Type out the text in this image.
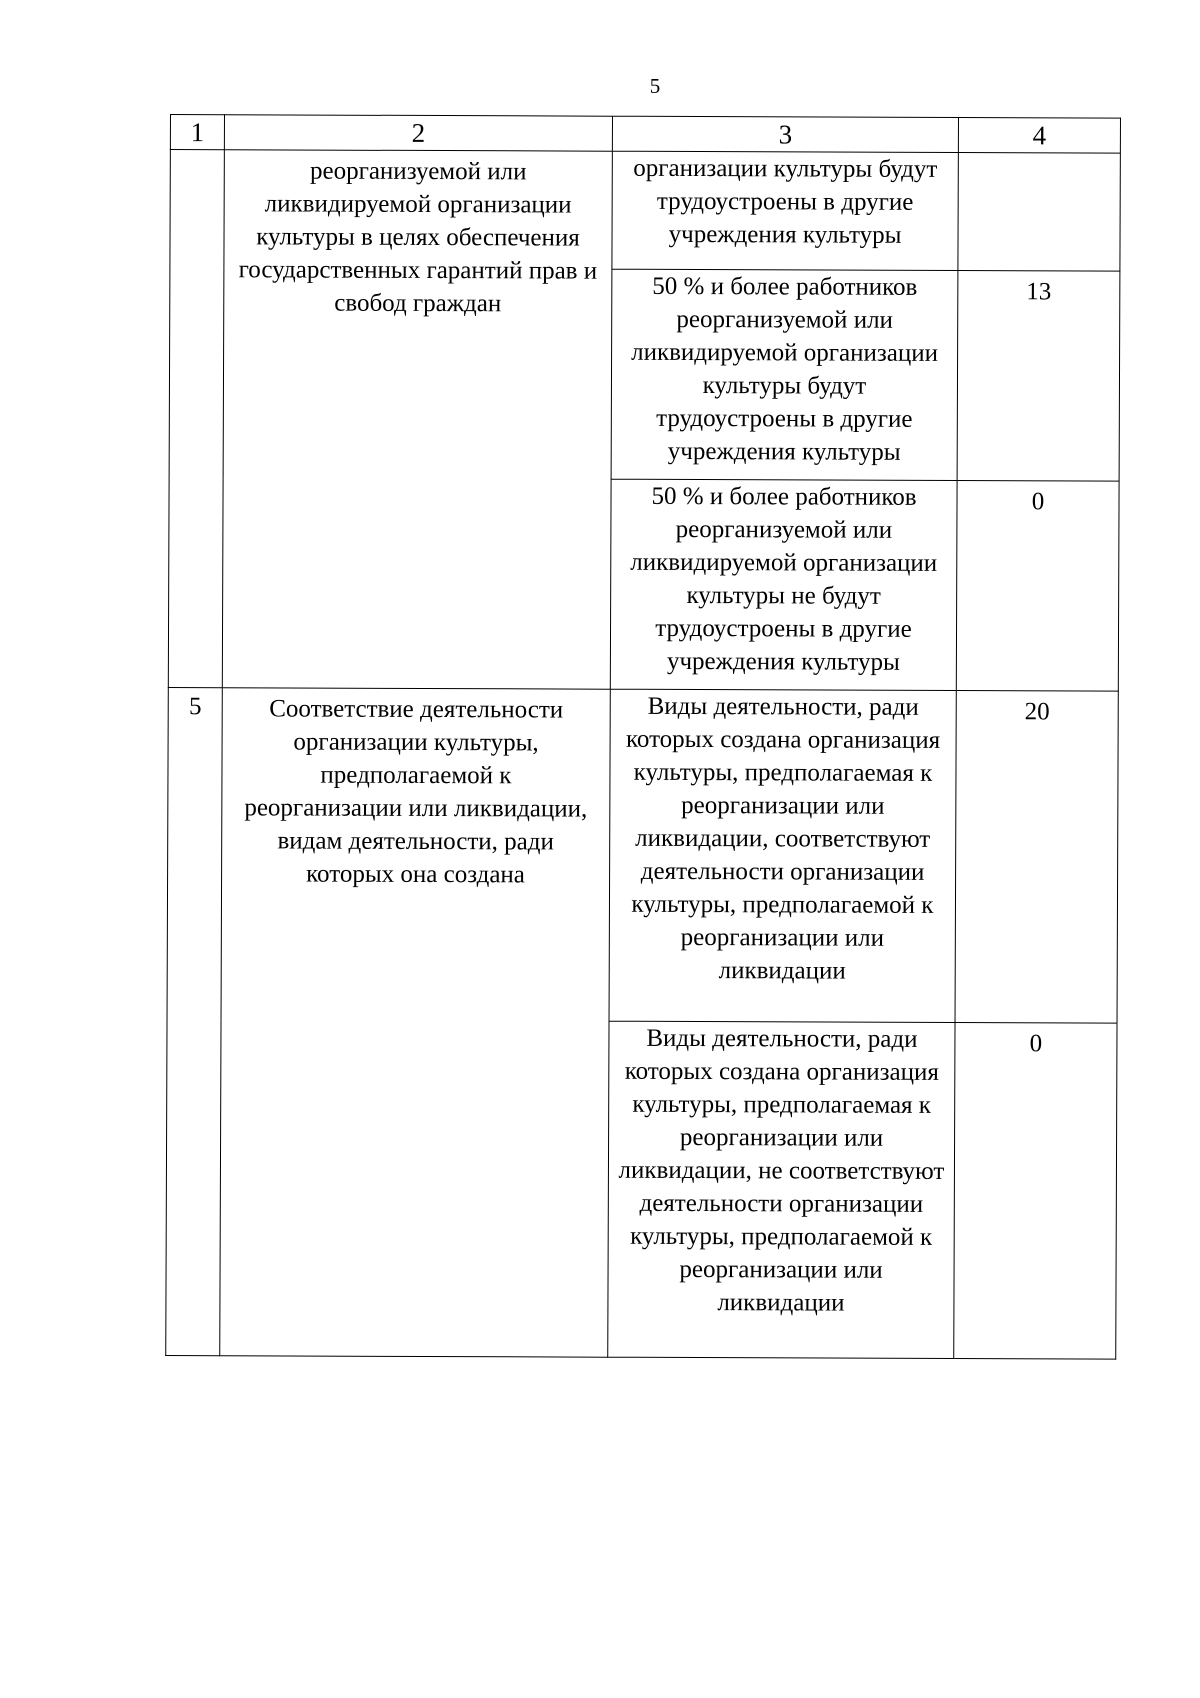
5
1	2	3	4
	реорганизуемой или ликвидируемой организации культуры в целях обеспечения государственных гарантий прав и свобод граждан	организации культуры будут трудоустроены в другие учреждения культуры	
		50 % и более работников реорганизуемой или ликвидируемой организации культуры будут трудоустроены в другие учреждения культуры	13
		50 % и более работников реорганизуемой или ликвидируемой организации культуры не будут трудоустроены в другие учреждения культуры	0
5	Соответствие деятельности организации культуры, предполагаемой к реорганизации или ликвидации, видам деятельности, ради которых она создана	Виды деятельности, ради которых создана организация культуры, предполагаемая к реорганизации или ликвидации, соответствуют деятельности организации культуры, предполагаемой к реорганизации или ликвидации	20
		Виды деятельности, ради которых создана организация культуры, предполагаемая к реорганизации или ликвидации, не соответствуют деятельности организации культуры, предполагаемой к реорганизации или ликвидации	0
